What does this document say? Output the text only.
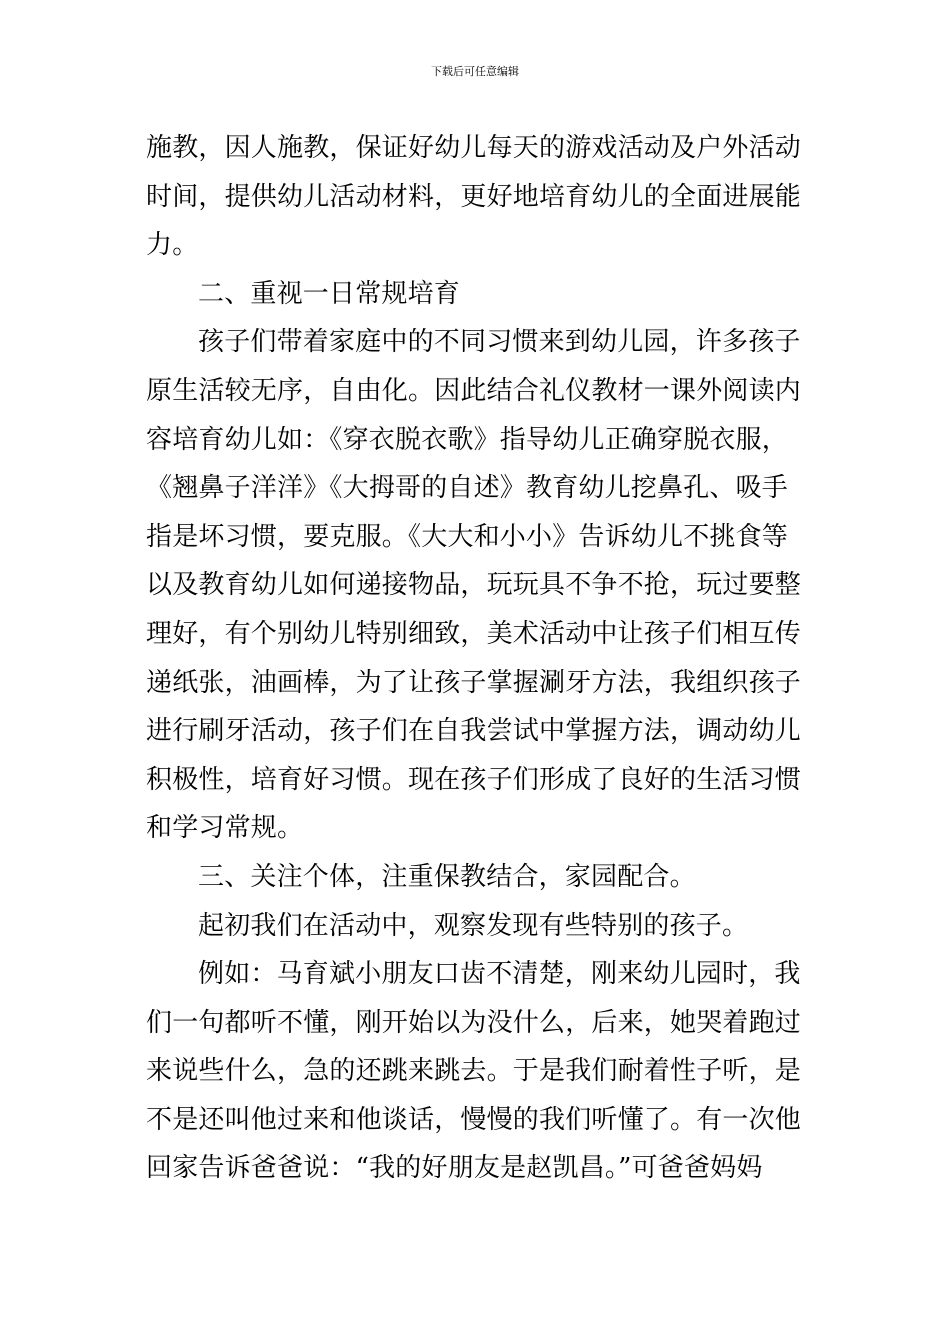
下载后可任意编辑
施教，因人施教，保证好幼儿每天的游戏活动及户外活动
时间，提供幼儿活动材料，更好地培育幼儿的全面进展能
力。
二、重视一日常规培育
孩子们带着家庭中的不同习惯来到幼儿园，许多孩子
原生活较无序，自由化。因此结合礼仪教材一课外阅读内
容培育幼儿如：《穿衣脱衣歌》指导幼儿正确穿脱衣服，
《翘鼻子洋洋》《大拇哥的自述》教育幼儿挖鼻孔、吸手
指是坏习惯，要克服。《大大和小小》告诉幼儿不挑食等
以及教育幼儿如何递接物品，玩玩具不争不抢，玩过要整
理好，有个别幼儿特别细致，美术活动中让孩子们相互传
递纸张，油画棒，为了让孩子掌握涮牙方法，我组织孩子
进行刷牙活动，孩子们在自我尝试中掌握方法，调动幼儿
积极性，培育好习惯。现在孩子们形成了良好的生活习惯
和学习常规。
三、关注个体，注重保教结合，家园配合。
起初我们在活动中，观察发现有些特别的孩子。
例如：马育斌小朋友口齿不清楚，刚来幼儿园时，我
们一句都听不懂，刚开始以为没什么，后来，她哭着跑过
来说些什么，急的还跳来跳去。于是我们耐着性子听，是
不是还叫他过来和他谈话，慢慢的我们听懂了。有一次他
回家告诉爸爸说：“我的好朋友是赵凯昌。”可爸爸妈妈
